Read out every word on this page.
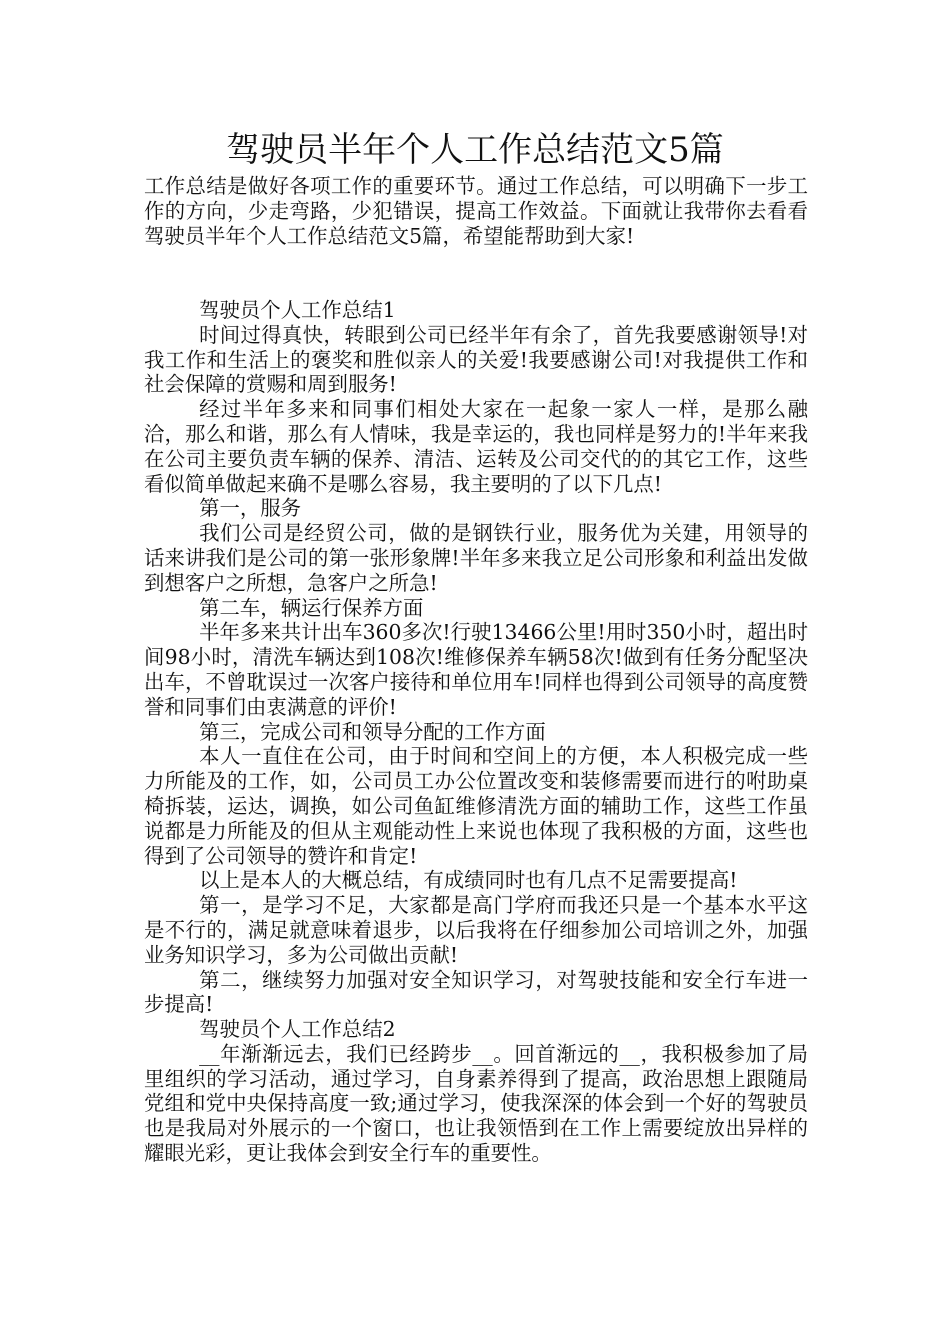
驾驶员半年个人工作总结范文5篇

工作总结是做好各项工作的重要环节。通过工作总结，可以明确下一步工作的方向，少走弯路，少犯错误，提高工作效益。下面就让我带你去看看驾驶员半年个人工作总结范文5篇，希望能帮助到大家!

驾驶员个人工作总结1

时间过得真快，转眼到公司已经半年有余了，首先我要感谢领导!对我工作和生活上的褒奖和胜似亲人的关爱!我要感谢公司!对我提供工作和社会保障的赏赐和周到服务!

经过半年多来和同事们相处大家在一起象一家人一样，是那么融洽，那么和谐，那么有人情味，我是幸运的，我也同样是努力的!半年来我在公司主要负责车辆的保养、清洁、运转及公司交代的的其它工作，这些看似简单做起来确不是哪么容易，我主要明的了以下几点!

第一，服务

我们公司是经贸公司，做的是钢铁行业，服务优为关建，用领导的话来讲我们是公司的第一张形象牌!半年多来我立足公司形象和利益出发做到想客户之所想，急客户之所急!

第二车，辆运行保养方面

半年多来共计出车360多次!行驶13466公里!用时350小时，超出时间98小时，清洗车辆达到108次!维修保养车辆58次!做到有任务分配坚决出车，不曾耽误过一次客户接待和单位用车!同样也得到公司领导的高度赞誉和同事们由衷满意的评价!

第三，完成公司和领导分配的工作方面

本人一直住在公司，由于时间和空间上的方便，本人积极完成一些力所能及的工作，如，公司员工办公位置改变和装修需要而进行的咐助桌椅拆装，运达，调换，如公司鱼缸维修清洗方面的辅助工作，这些工作虽说都是力所能及的但从主观能动性上来说也体现了我积极的方面，这些也得到了公司领导的赞许和肯定!

以上是本人的大概总结，有成绩同时也有几点不足需要提高!

第一，是学习不足，大家都是高门学府而我还只是一个基本水平这是不行的，满足就意味着退步，以后我将在仔细参加公司培训之外，加强业务知识学习，多为公司做出贡献!

第二，继续努力加强对安全知识学习，对驾驶技能和安全行车进一步提高!

驾驶员个人工作总结2

__年渐渐远去，我们已经跨步__。回首渐远的__，我积极参加了局里组织的学习活动，通过学习，自身素养得到了提高，政治思想上跟随局党组和党中央保持高度一致;通过学习，使我深深的体会到一个好的驾驶员也是我局对外展示的一个窗口，也让我领悟到在工作上需要绽放出异样的耀眼光彩，更让我体会到安全行车的重要性。
